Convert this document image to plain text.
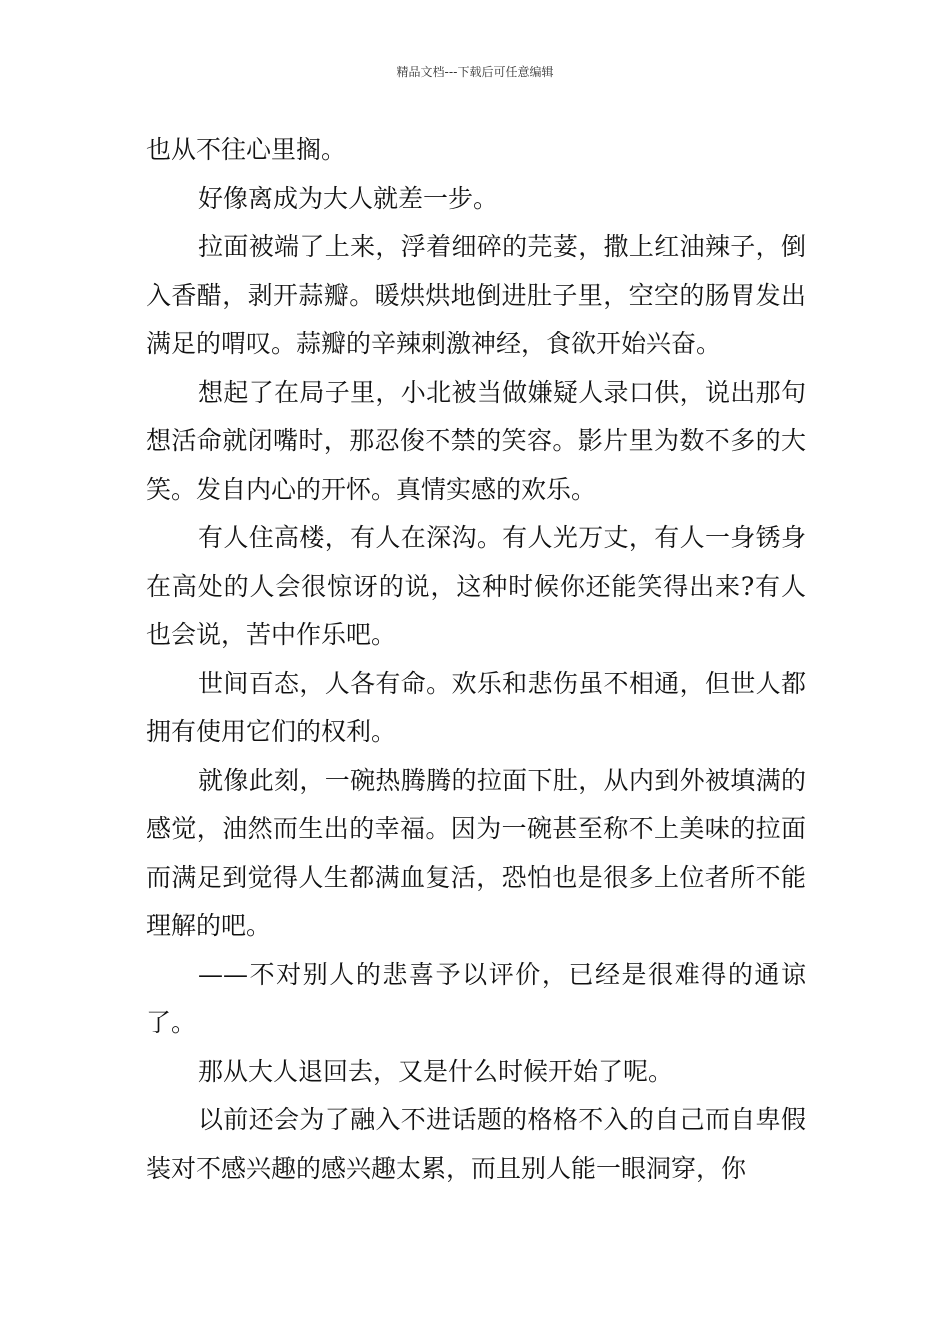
精品文档---下载后可任意编辑

也从不往心里搁。

好像离成为大人就差一步。

拉面被端了上来，浮着细碎的芫荽，撒上红油辣子，倒入香醋，剥开蒜瓣。暖烘烘地倒进肚子里，空空的肠胃发出满足的喟叹。蒜瓣的辛辣刺激神经，食欲开始兴奋。

想起了在局子里，小北被当做嫌疑人录口供，说出那句想活命就闭嘴时，那忍俊不禁的笑容。影片里为数不多的大笑。发自内心的开怀。真情实感的欢乐。

有人住高楼，有人在深沟。有人光万丈，有人一身锈身在高处的人会很惊讶的说，这种时候你还能笑得出来?有人也会说，苦中作乐吧。

世间百态，人各有命。欢乐和悲伤虽不相通，但世人都拥有使用它们的权利。

就像此刻，一碗热腾腾的拉面下肚，从内到外被填满的感觉，油然而生出的幸福。因为一碗甚至称不上美味的拉面而满足到觉得人生都满血复活，恐怕也是很多上位者所不能理解的吧。

——不对别人的悲喜予以评价，已经是很难得的通谅了。

那从大人退回去，又是什么时候开始了呢。

以前还会为了融入不进话题的格格不入的自己而自卑假装对不感兴趣的感兴趣太累，而且别人能一眼洞穿，你
